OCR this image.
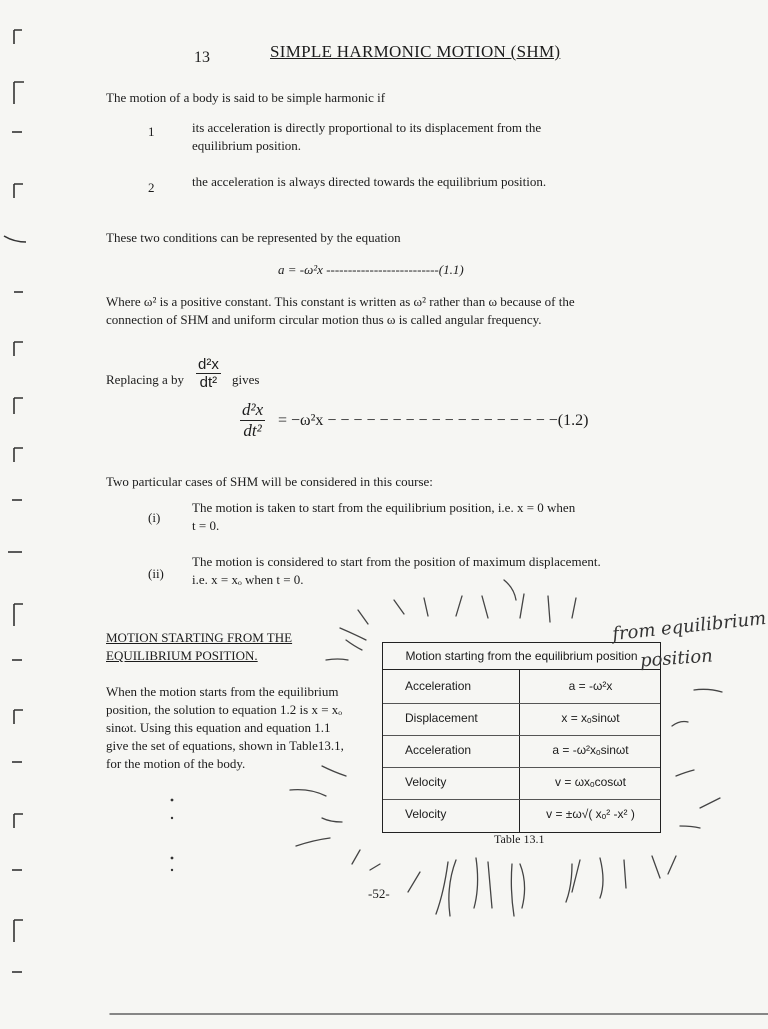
13	SIMPLE HARMONIC MOTION (SHM)
The motion of a body is said to be simple harmonic if
1	its acceleration is directly proportional to its displacement from the
equilibrium position.
2	the acceleration is always directed towards the equilibrium position.
These two conditions can be represented by the equation
a = -ω²x --------------------------(1.1)
Where ω² is a positive constant. This constant is written as ω² rather than ω because of the
connection of SHM and uniform circular motion thus ω is called angular frequency.
Replacing a by $\frac{\text{d²x}}{\text{dt²}}$ gives
$\frac{\text{d²x}}{\text{dt²}} = -\omega^2x$ − − − − − − − − − − − − − − − − − −(1.2)
Two particular cases of SHM will be considered in this course:
(i)
The motion is taken to start from the equilibrium position, i.e. x = 0 when
t = 0.
(ii)
The motion is considered to start from the position of maximum displacement.
i.e. x = xₒ when t = 0.
MOTION STARTING FROM THE
EQUILIBRIUM POSITION.
When the motion starts from the equilibrium
position, the solution to equation 1.2 is x = xₒ
sinωt. Using this equation and equation 1.1
give the set of equations, shown in Table13.1,
for the motion of the body.
Motion starting from the equilibrium position
Acceleration	a = -ω²x
Displacement	x = xₒsinωt
Acceleration	a = -ω²xₒsinωt
Velocity	v = ωxₒcosωt
Velocity	v = ±ω√( xₒ² -x² )
Table 13.1
from equilibrium
position
-52-
